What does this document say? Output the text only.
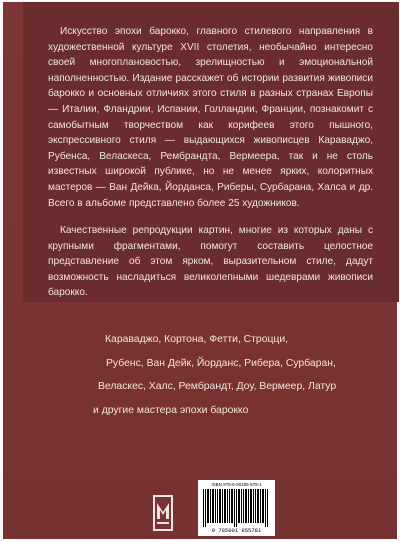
Искусство эпохи барокко, главного стилевого направления в художественной культуре XVII столетия, необычайно интересно своей многоплановостью, зрелищностью и эмоциональной наполненностью. Издание расскажет об истории развития живописи барокко и основных отличиях этого стиля в разных странах Европы — Италии, Фландрии, Испании, Голландии, Франции, познакомит с самобытным творчеством как корифеев этого пышного, экспрессивного стиля — выдающихся живописцев Караваджо, Рубенса, Веласкеса, Рембрандта, Вермеера, так и не столь известных широкой публике, но не менее ярких, колоритных мастеров — Ван Дейка, Йорданса, Риберы, Сурбарана, Халса и др. Всего в альбоме представлено более 25 художников.
Качественные репродукции картин, многие из которых даны с крупными фрагментами, помогут составить целостное представление об этом ярком, выразительном стиле, дадут возможность насладиться великолепными шедеврами живописи барокко.
Караваджо, Кортона, Фетти, Строцци,
Рубенс, Ван Дейк, Йорданс, Рибера, Сурбаран,
Веласкес, Халс, Рембрандт, Доу, Вермеер, Латур
и другие мастера эпохи барокко
ISBN 978-5-00185-578-1
9 785001 855781
